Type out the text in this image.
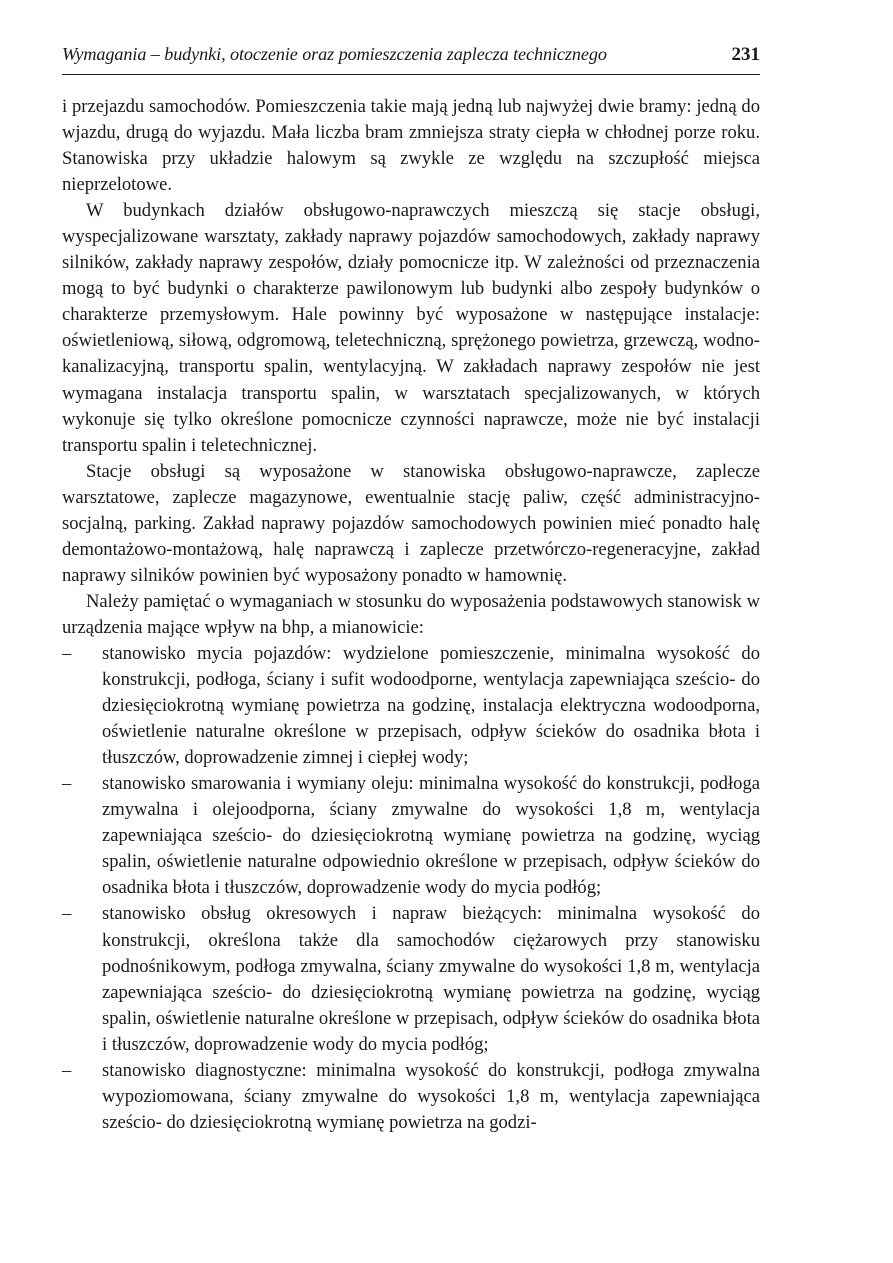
Wymagania – budynki, otoczenie oraz pomieszczenia zaplecza technicznego	231

i przejazdu samochodów. Pomieszczenia takie mają jedną lub najwyżej dwie bramy: jedną do wjazdu, drugą do wyjazdu. Mała liczba bram zmniejsza straty ciepła w chłodnej porze roku. Stanowiska przy układzie halowym są zwykle ze względu na szczupłość miejsca nieprzelotowe.

W budynkach działów obsługowo-naprawczych mieszczą się stacje obsługi, wyspecjalizowane warsztaty, zakłady naprawy pojazdów samochodowych, zakłady naprawy silników, zakłady naprawy zespołów, działy pomocnicze itp. W zależności od przeznaczenia mogą to być budynki o charakterze pawilonowym lub budynki albo zespoły budynków o charakterze przemysłowym. Hale powinny być wyposażone w następujące instalacje: oświetleniową, siłową, odgromową, teletechniczną, sprężonego powietrza, grzewczą, wodno-kanalizacyjną, transportu spalin, wentylacyjną. W zakładach naprawy zespołów nie jest wymagana instalacja transportu spalin, w warsztatach specjalizowanych, w których wykonuje się tylko określone pomocnicze czynności naprawcze, może nie być instalacji transportu spalin i teletechnicznej.

Stacje obsługi są wyposażone w stanowiska obsługowo-naprawcze, zaplecze warsztatowe, zaplecze magazynowe, ewentualnie stację paliw, część administracyjno-socjalną, parking. Zakład naprawy pojazdów samochodowych powinien mieć ponadto halę demontażowo-montażową, halę naprawczą i zaplecze przetwórczo-regeneracyjne, zakład naprawy silników powinien być wyposażony ponadto w hamownię.

Należy pamiętać o wymaganiach w stosunku do wyposażenia podstawowych stanowisk w urządzenia mające wpływ na bhp, a mianowicie:

– stanowisko mycia pojazdów: wydzielone pomieszczenie, minimalna wysokość do konstrukcji, podłoga, ściany i sufit wodoodporne, wentylacja zapewniająca sześcio- do dziesięciokrotną wymianę powietrza na godzinę, instalacja elektryczna wodoodporna, oświetlenie naturalne określone w przepisach, odpływ ścieków do osadnika błota i tłuszczów, doprowadzenie zimnej i ciepłej wody;
– stanowisko smarowania i wymiany oleju: minimalna wysokość do konstrukcji, podłoga zmywalna i olejoodporna, ściany zmywalne do wysokości 1,8 m, wentylacja zapewniająca sześcio- do dziesięciokrotną wymianę powietrza na godzinę, wyciąg spalin, oświetlenie naturalne odpowiednio określone w przepisach, odpływ ścieków do osadnika błota i tłuszczów, doprowadzenie wody do mycia podłóg;
– stanowisko obsług okresowych i napraw bieżących: minimalna wysokość do konstrukcji, określona także dla samochodów ciężarowych przy stanowisku podnośnikowym, podłoga zmywalna, ściany zmywalne do wysokości 1,8 m, wentylacja zapewniająca sześcio- do dziesięciokrotną wymianę powietrza na godzinę, wyciąg spalin, oświetlenie naturalne określone w przepisach, odpływ ścieków do osadnika błota i tłuszczów, doprowadzenie wody do mycia podłóg;
– stanowisko diagnostyczne: minimalna wysokość do konstrukcji, podłoga zmywalna wypoziomowana, ściany zmywalne do wysokości 1,8 m, wentylacja zapewniająca sześcio- do dziesięciokrotną wymianę powietrza na godzi-
